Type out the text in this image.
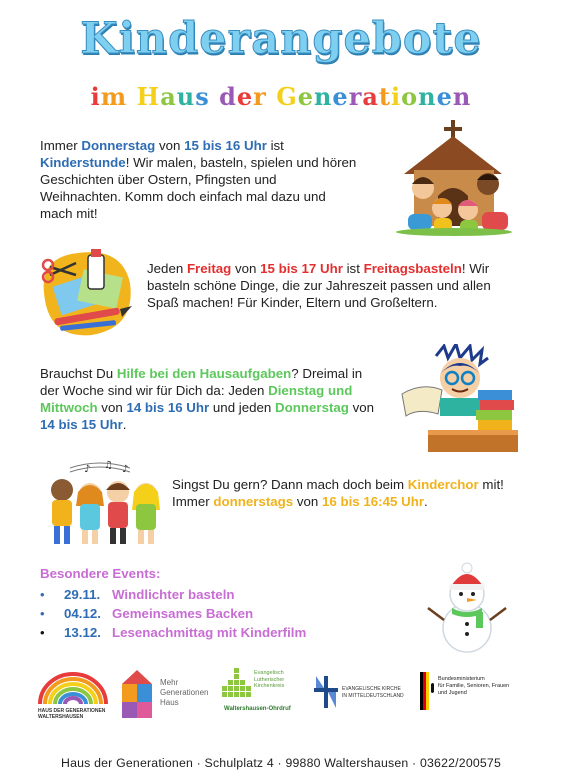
Kinderangebote
im Haus der Generationen
Immer Donnerstag von 15 bis 16 Uhr ist
Kinderstunde! Wir malen, basteln, spielen und hören
Geschichten über Ostern, Pfingsten und
Weihnachten. Komm doch einfach mal dazu und
mach mit!
Jeden Freitag von 15 bis 17 Uhr ist Freitagsbasteln! Wir
basteln schöne Dinge, die zur Jahreszeit passen und allen
Spaß machen! Für Kinder, Eltern und Großeltern.
Brauchst Du Hilfe bei den Hausaufgaben? Dreimal in
der Woche sind wir für Dich da: Jeden Dienstag und
Mittwoch von 14 bis 16 Uhr und jeden Donnerstag von
14 bis 15 Uhr.
♪ ♫ ♪
Singst Du gern? Dann mach doch beim Kinderchor mit!
Immer donnerstags von 16 bis 16:45 Uhr.
Besondere Events:
•	29.11. Windlichter basteln
•	04.12. Gemeinsames Backen
•	13.12. Lesenachmittag mit Kinderfilm
HAUS DER GENERATIONEN
WALTERSHAUSEN
Mehr
Generationen
Haus
Evangelisch
Lutherischer
Kirchenkreis
Waltershausen-Ohrdruf
EVANGELISCHE KIRCHE
IN MITTELDEUTSCHLAND
Bundesministerium
für Familie, Senioren, Frauen
und Jugend
Haus der Generationen · Schulplatz 4 · 99880 Waltershausen · 03622/200575
